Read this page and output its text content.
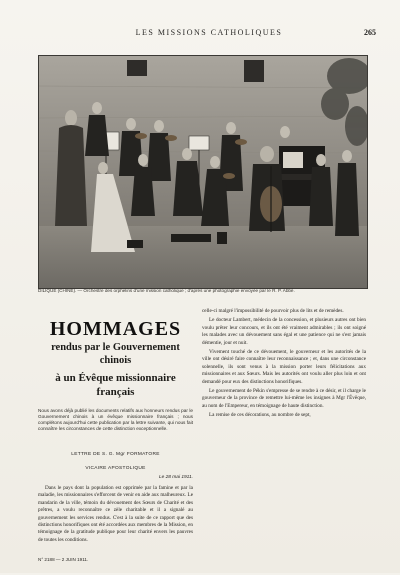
LES MISSIONS CATHOLIQUES	265
DILIQUE (CHINE). — Orchestre des orphelins d'une mission catholique ; d'après une photographie envoyée par le R. P. Abbé.
HOMMAGES
rendus par le Gouvernement chinois
à un Évêque missionnaire français
Nous avons déjà publié les documents relatifs aux honneurs rendus par le Gouvernement chinois à un évêque missionnaire français ; nous complétons aujourd'hui cette publication par la lettre suivante, qui nous fait connaître les circonstances de cette distinction exceptionnelle.
LETTRE DE S. G. Mgr FORMATORE
VICAIRE APOSTOLIQUE
Le 28 mai 1911.

Dans le pays dont la population est opprimée par la famine et par la maladie, les missionnaires s'efforcent de venir en aide aux malheureux. Le mandarin de la ville, témoin du dévouement des Sœurs de Charité et des prêtres, a voulu reconnaître ce zèle charitable et il a signalé au gouvernement les services rendus. C'est à la suite de ce rapport que des distinctions honorifiques ont été accordées aux membres de la Mission, en témoignage de la gratitude publique pour leur charité envers les pauvres de toutes les conditions.

celle-ci malgré l'impossibilité de pourvoir plus de lits et de remèdes.

Le docteur Lambert, médecin de la concession, et plusieurs autres ont bien voulu prêter leur concours, et ils ont été vraiment admirables ; ils ont soigné les malades avec un dévouement sans égal et une patience qui ne s'est jamais démentie, jour et nuit.

Vivement touché de ce dévouement, le gouverneur et les autorités de la ville ont désiré faire connaître leur reconnaissance ; et, dans une circonstance solennelle, ils sont venus à la mission porter leurs félicitations aux missionnaires et aux Sœurs. Mais les autorités ont voulu aller plus loin et ont demandé pour eux des distinctions honorifiques.

Le gouvernement de Pékin s'empresse de se rendre à ce désir, et il charge le gouverneur de la province de remettre lui-même les insignes à Mgr l'Évêque, au nom de l'Empereur, en témoignage de haute distinction.

La remise de ces décorations, au nombre de sept,

N° 2188 — 2 JUIN 1911.
